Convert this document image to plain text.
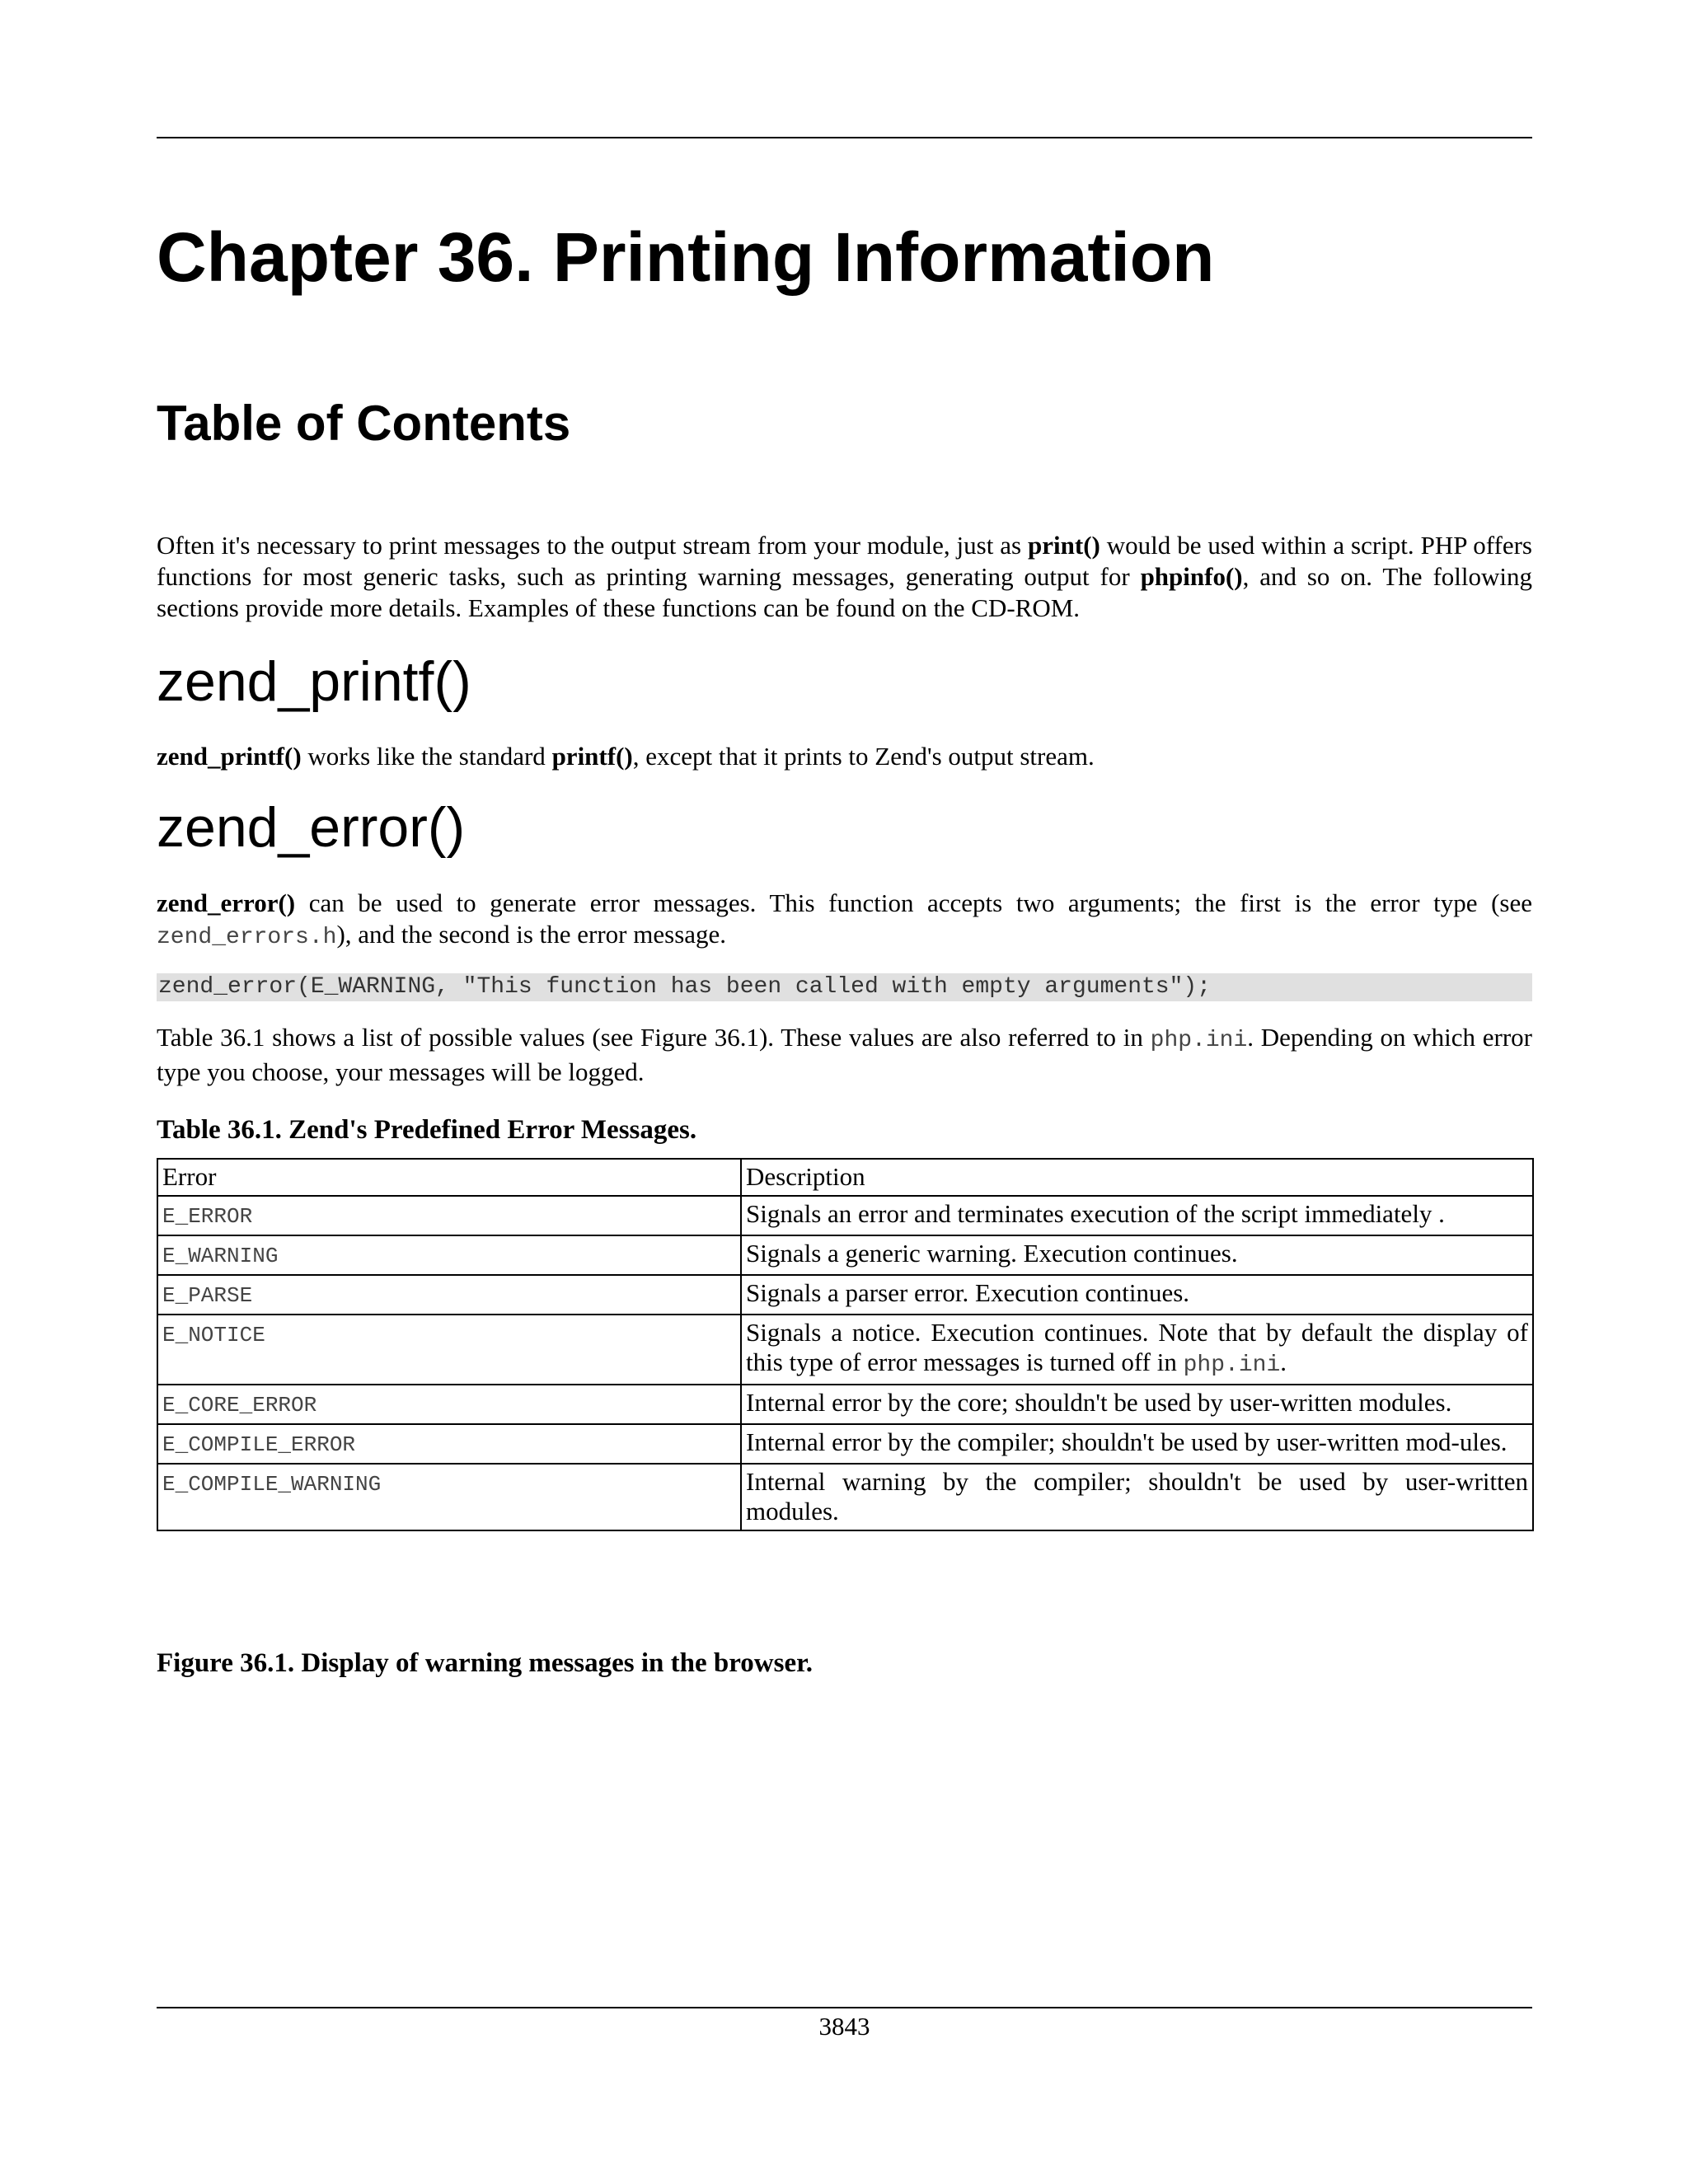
Chapter 36. Printing Information
Table of Contents

Often it's necessary to print messages to the output stream from your module, just as print() would be used within a script. PHP offers functions for most generic tasks, such as printing warning messages, generating output for phpinfo(), and so on. The following sections provide more details. Examples of these functions can be found on the CD-ROM.

zend_printf()

zend_printf() works like the standard printf(), except that it prints to Zend's output stream.

zend_error()

zend_error() can be used to generate error messages. This function accepts two arguments; the first is the error type (see zend_errors.h), and the second is the error message.

zend_error(E_WARNING, "This function has been called with empty arguments");

Table 36.1 shows a list of possible values (see Figure 36.1). These values are also referred to in php.ini. Depending on which error type you choose, your messages will be logged.

Table 36.1. Zend's Predefined Error Messages.
Error	Description
E_ERROR	Signals an error and terminates execution of the script immediately .
E_WARNING	Signals a generic warning. Execution continues.
E_PARSE	Signals a parser error. Execution continues.
E_NOTICE	Signals a notice. Execution continues. Note that by default the display of this type of error messages is turned off in php.ini.
E_CORE_ERROR	Internal error by the core; shouldn't be used by user-written modules.
E_COMPILE_ERROR	Internal error by the compiler; shouldn't be used by user-written mod-ules.
E_COMPILE_WARNING	Internal warning by the compiler; shouldn't be used by user-written modules.
Figure 36.1. Display of warning messages in the browser.
3843
